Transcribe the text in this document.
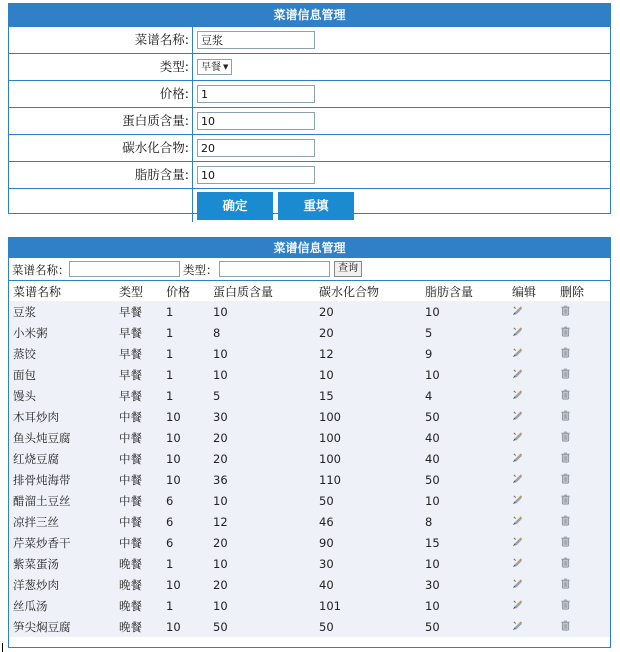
菜谱信息管理
菜谱名称:
豆浆
类型:	早餐 ▼
价格:
1
蛋白质含量:
10
碳水化合物:
20
脂肪含量:
10
确定	重填
菜谱信息管理
菜谱名称：	类型：	查询
菜谱名称	类型	价格	蛋白质含量	碳水化合物	脂肪含量	编辑	删除
豆浆	早餐	1	10	20	10		
小米粥	早餐	1	8	20	5		
蒸饺	早餐	1	10	12	9		
面包	早餐	1	10	10	10		
馒头	早餐	1	5	15	4		
木耳炒肉	中餐	10	30	100	50		
鱼头炖豆腐	中餐	10	20	100	40		
红烧豆腐	中餐	10	20	100	40		
排骨炖海带	中餐	10	36	110	50		
醋溜土豆丝	中餐	6	10	50	10		
凉拌三丝	中餐	6	12	46	8		
芹菜炒香干	中餐	6	20	90	15		
紫菜蛋汤	晚餐	1	10	30	10		
洋葱炒肉	晚餐	10	20	40	30		
丝瓜汤	晚餐	1	10	101	10		
笋尖焖豆腐	晚餐	10	50	50	50		
